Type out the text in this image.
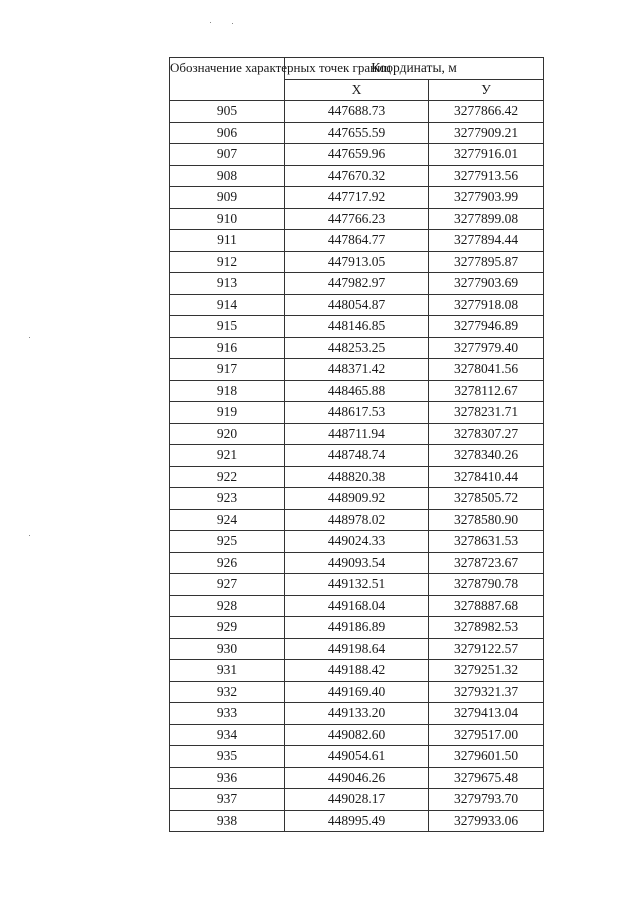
Обозначение характерных точек границ	Координаты, м	
	X	У
905	447688.73	3277866.42
906	447655.59	3277909.21
907	447659.96	3277916.01
908	447670.32	3277913.56
909	447717.92	3277903.99
910	447766.23	3277899.08
911	447864.77	3277894.44
912	447913.05	3277895.87
913	447982.97	3277903.69
914	448054.87	3277918.08
915	448146.85	3277946.89
916	448253.25	3277979.40
917	448371.42	3278041.56
918	448465.88	3278112.67
919	448617.53	3278231.71
920	448711.94	3278307.27
921	448748.74	3278340.26
922	448820.38	3278410.44
923	448909.92	3278505.72
924	448978.02	3278580.90
925	449024.33	3278631.53
926	449093.54	3278723.67
927	449132.51	3278790.78
928	449168.04	3278887.68
929	449186.89	3278982.53
930	449198.64	3279122.57
931	449188.42	3279251.32
932	449169.40	3279321.37
933	449133.20	3279413.04
934	449082.60	3279517.00
935	449054.61	3279601.50
936	449046.26	3279675.48
937	449028.17	3279793.70
938	448995.49	3279933.06
